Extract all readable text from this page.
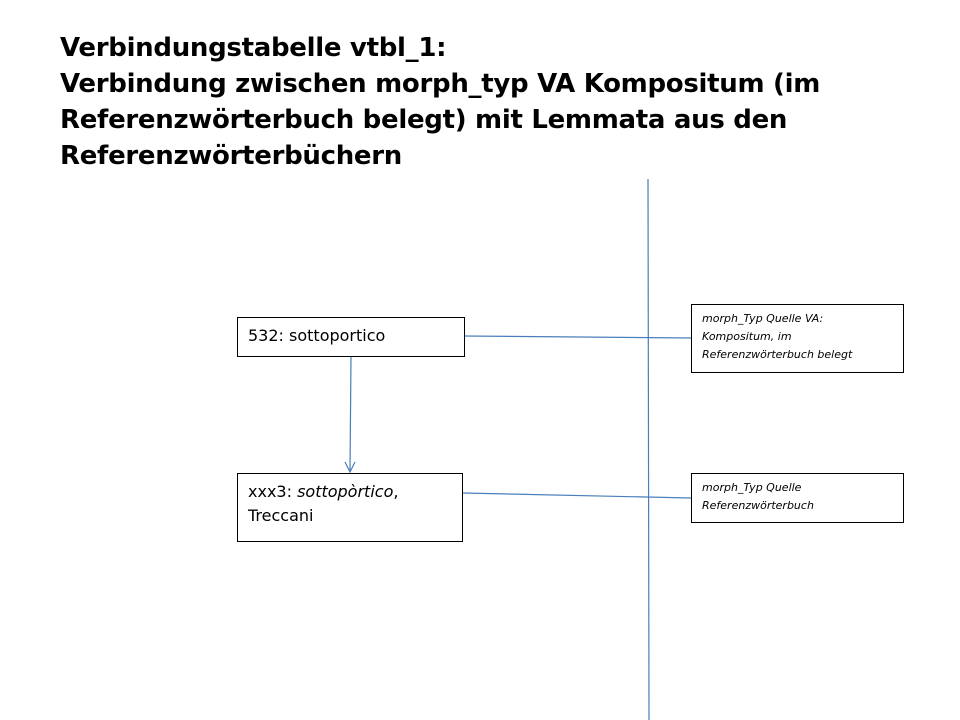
Verbindungstabelle vtbl_1:
Verbindung zwischen morph_typ VA Kompositum (im
Referenzwörterbuch belegt) mit Lemmata aus den
Referenzwörterbüchern
532: sottoportico
xxx3: sottopòrtico,
Treccani
morph_Typ Quelle VA: Kompositum, im Referenzwörterbuch belegt
morph_Typ Quelle Referenzwörterbuch
